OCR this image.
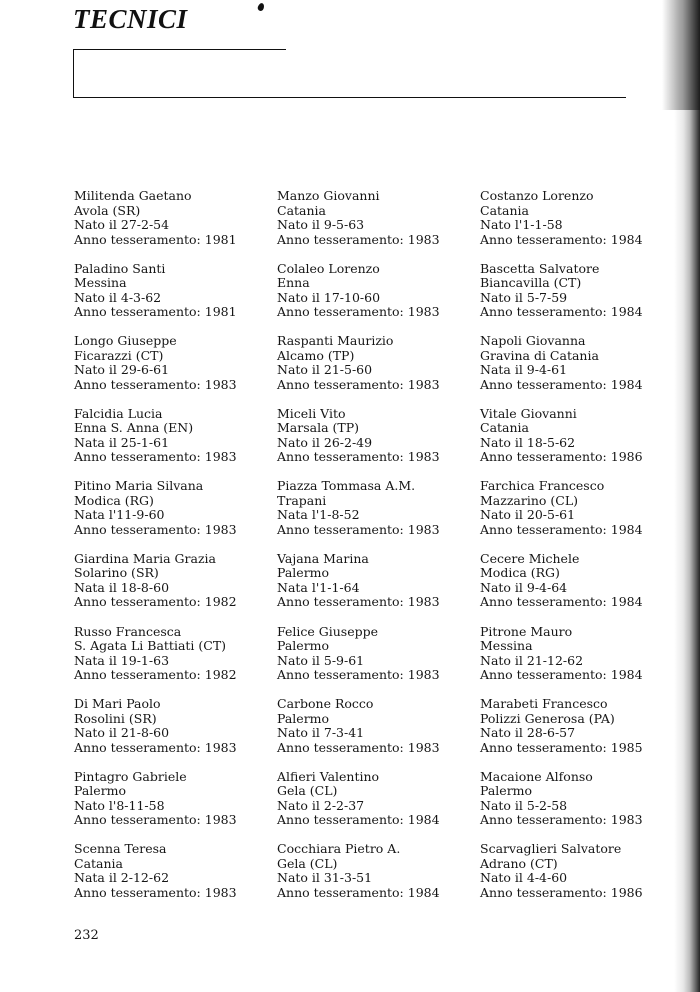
TECNICI
Militenda Gaetano
Avola (SR)
Nato il 27-2-54
Anno tesseramento: 1981
Paladino Santi
Messina
Nato il 4-3-62
Anno tesseramento: 1981
Longo Giuseppe
Ficarazzi (CT)
Nato il 29-6-61
Anno tesseramento: 1983
Falcidia Lucia
Enna S. Anna (EN)
Nata il 25-1-61
Anno tesseramento: 1983
Pitino Maria Silvana
Modica (RG)
Nata l'11-9-60
Anno tesseramento: 1983
Giardina Maria Grazia
Solarino (SR)
Nata il 18-8-60
Anno tesseramento: 1982
Russo Francesca
S. Agata Li Battiati (CT)
Nata il 19-1-63
Anno tesseramento: 1982
Di Mari Paolo
Rosolini (SR)
Nato il 21-8-60
Anno tesseramento: 1983
Pintagro Gabriele
Palermo
Nato l'8-11-58
Anno tesseramento: 1983
Scenna Teresa
Catania
Nata il 2-12-62
Anno tesseramento: 1983
Manzo Giovanni
Catania
Nato il 9-5-63
Anno tesseramento: 1983
Colaleo Lorenzo
Enna
Nato il 17-10-60
Anno tesseramento: 1983
Raspanti Maurizio
Alcamo (TP)
Nato il 21-5-60
Anno tesseramento: 1983
Miceli Vito
Marsala (TP)
Nato il 26-2-49
Anno tesseramento: 1983
Piazza Tommasa A.M.
Trapani
Nata l'1-8-52
Anno tesseramento: 1983
Vajana Marina
Palermo
Nata l'1-1-64
Anno tesseramento: 1983
Felice Giuseppe
Palermo
Nato il 5-9-61
Anno tesseramento: 1983
Carbone Rocco
Palermo
Nato il 7-3-41
Anno tesseramento: 1983
Alfieri Valentino
Gela (CL)
Nato il 2-2-37
Anno tesseramento: 1984
Cocchiara Pietro A.
Gela (CL)
Nato il 31-3-51
Anno tesseramento: 1984
Costanzo Lorenzo
Catania
Nato l'1-1-58
Anno tesseramento: 1984
Bascetta Salvatore
Biancavilla (CT)
Nato il 5-7-59
Anno tesseramento: 1984
Napoli Giovanna
Gravina di Catania
Nata il 9-4-61
Anno tesseramento: 1984
Vitale Giovanni
Catania
Nato il 18-5-62
Anno tesseramento: 1986
Farchica Francesco
Mazzarino (CL)
Nato il 20-5-61
Anno tesseramento: 1984
Cecere Michele
Modica (RG)
Nato il 9-4-64
Anno tesseramento: 1984
Pitrone Mauro
Messina
Nato il 21-12-62
Anno tesseramento: 1984
Marabeti Francesco
Polizzi Generosa (PA)
Nato il 28-6-57
Anno tesseramento: 1985
Macaione Alfonso
Palermo
Nato il 5-2-58
Anno tesseramento: 1983
Scarvaglieri Salvatore
Adrano (CT)
Nato il 4-4-60
Anno tesseramento: 1986
232
